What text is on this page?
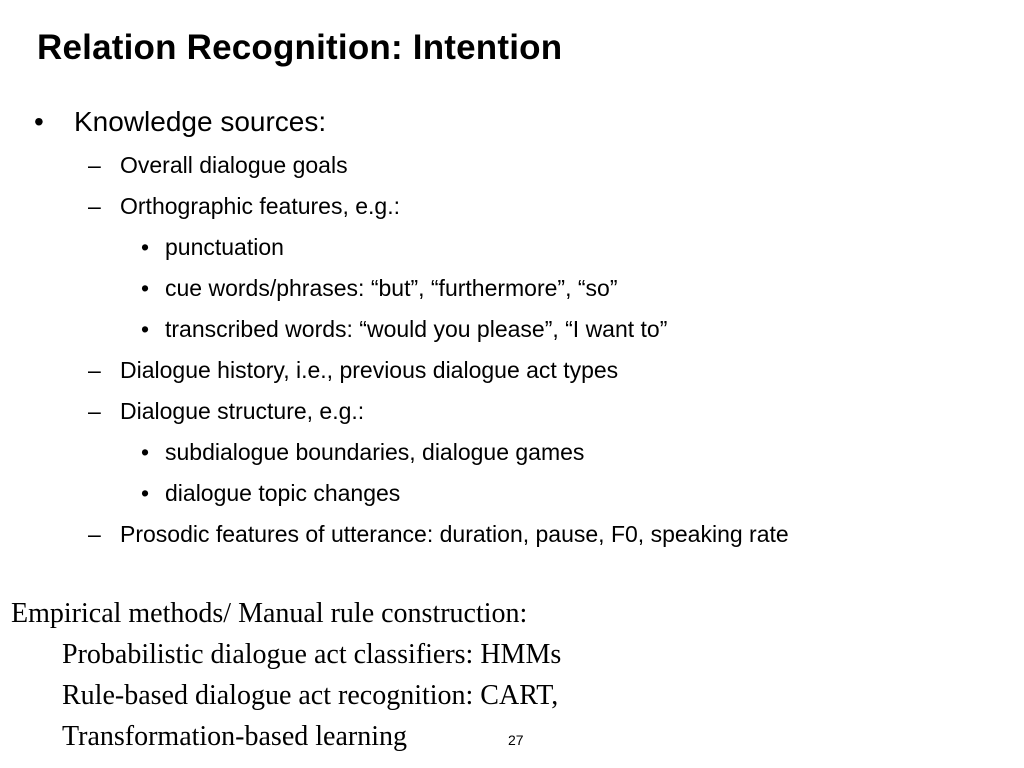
Relation Recognition: Intention
• Knowledge sources:
– Overall dialogue goals
– Orthographic features, e.g.:
• punctuation
• cue words/phrases: “but”, “furthermore”, “so”
• transcribed words: “would you please”, “I want to”
– Dialogue history, i.e., previous dialogue act types
– Dialogue structure, e.g.:
• subdialogue boundaries, dialogue games
• dialogue topic changes
– Prosodic features of utterance: duration, pause, F0, speaking rate
Empirical methods/ Manual rule construction:
Probabilistic dialogue act classifiers: HMMs
Rule-based dialogue act recognition: CART,
Transformation-based learning	27
